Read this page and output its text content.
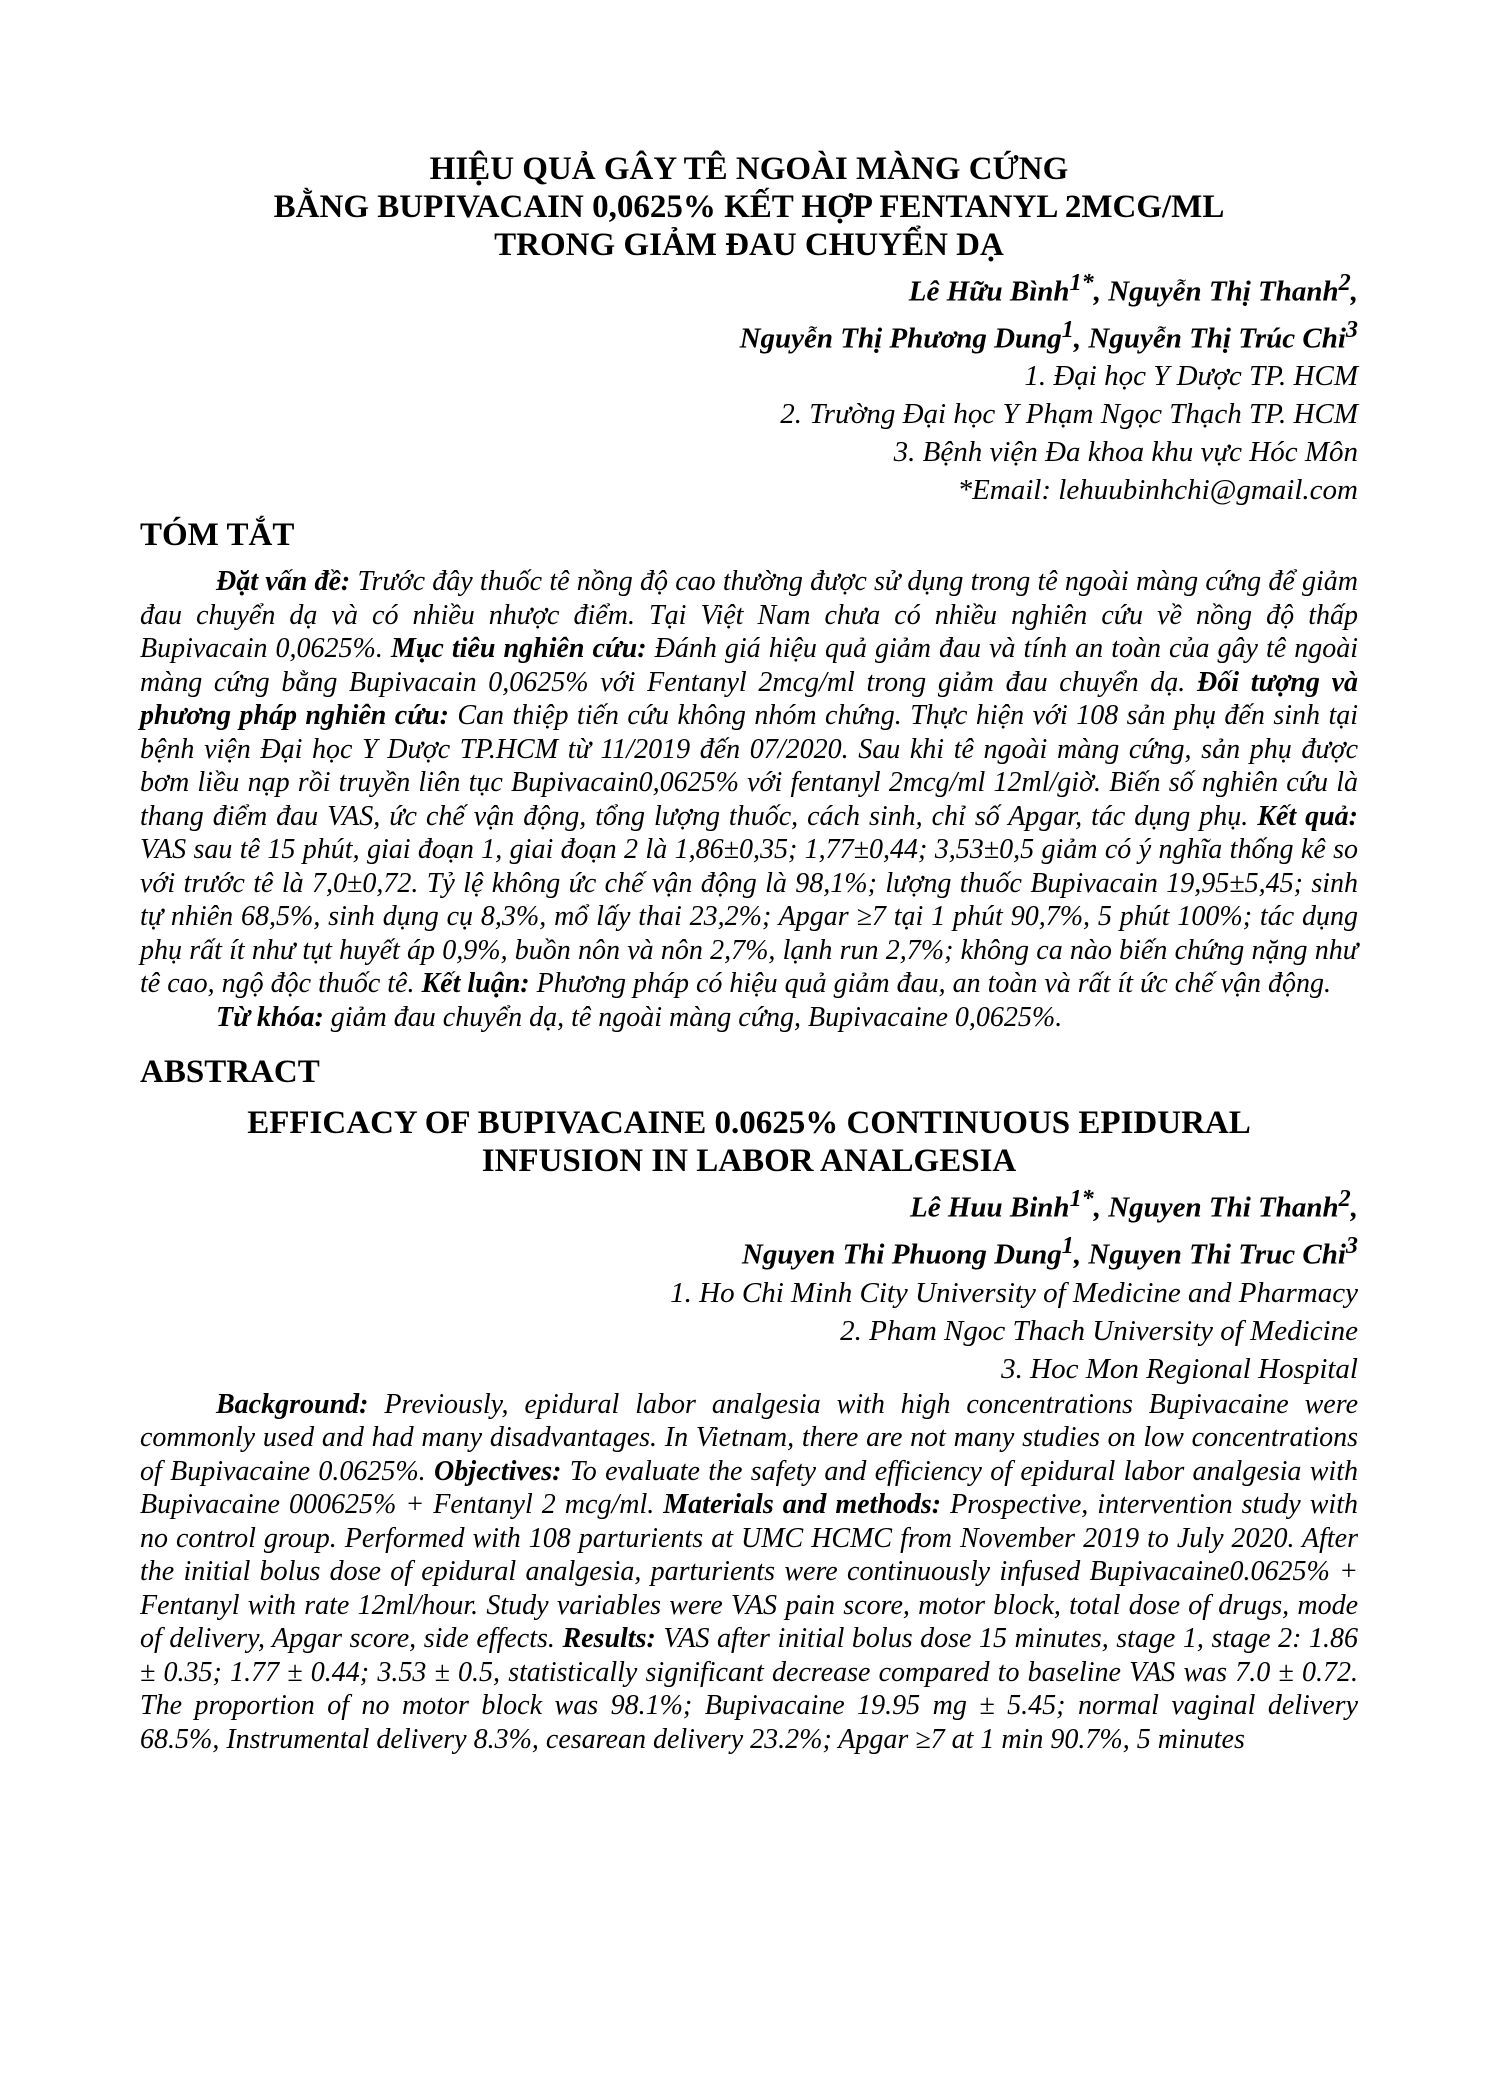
HIỆU QUẢ GÂY TÊ NGOÀI MÀNG CỨNG
BẰNG BUPIVACAIN 0,0625% KẾT HỢP FENTANYL 2MCG/ML
TRONG GIẢM ĐAU CHUYỂN DẠ

Lê Hữu Bình$^{1*}$, Nguyễn Thị Thanh$^2$,

Nguyễn Thị Phương Dung$^1$, Nguyễn Thị Trúc Chi$^3$

1. Đại học Y Dược TP. HCM

2. Trường Đại học Y Phạm Ngọc Thạch TP. HCM

3. Bệnh viện Đa khoa khu vực Hóc Môn

*Email: lehuubinhchi@gmail.com

TÓM TẮT

Đặt vấn đề: Trước đây thuốc tê nồng độ cao thường được sử dụng trong tê ngoài màng cứng để giảm đau chuyển dạ và có nhiều nhược điểm. Tại Việt Nam chưa có nhiều nghiên cứu về nồng độ thấp Bupivacain 0,0625%. Mục tiêu nghiên cứu: Đánh giá hiệu quả giảm đau và tính an toàn của gây tê ngoài màng cứng bằng Bupivacain 0,0625% với Fentanyl 2mcg/ml trong giảm đau chuyển dạ. Đối tượng và phương pháp nghiên cứu: Can thiệp tiến cứu không nhóm chứng. Thực hiện với 108 sản phụ đến sinh tại bệnh viện Đại học Y Dược TP.HCM từ 11/2019 đến 07/2020. Sau khi tê ngoài màng cứng, sản phụ được bơm liều nạp rồi truyền liên tục Bupivacain0,0625% với fentanyl 2mcg/ml 12ml/giờ. Biến số nghiên cứu là thang điểm đau VAS, ức chế vận động, tổng lượng thuốc, cách sinh, chỉ số Apgar, tác dụng phụ. Kết quả: VAS sau tê 15 phút, giai đoạn 1, giai đoạn 2 là 1,86±0,35; 1,77±0,44; 3,53±0,5 giảm có ý nghĩa thống kê so với trước tê là 7,0±0,72. Tỷ lệ không ức chế vận động là 98,1%; lượng thuốc Bupivacain 19,95±5,45; sinh tự nhiên 68,5%, sinh dụng cụ 8,3%, mổ lấy thai 23,2%; Apgar ≥7 tại 1 phút 90,7%, 5 phút 100%; tác dụng phụ rất ít như tụt huyết áp 0,9%, buồn nôn và nôn 2,7%, lạnh run 2,7%; không ca nào biến chứng nặng như tê cao, ngộ độc thuốc tê. Kết luận: Phương pháp có hiệu quả giảm đau, an toàn và rất ít ức chế vận động.

Từ khóa: giảm đau chuyển dạ, tê ngoài màng cứng, Bupivacaine 0,0625%.

ABSTRACT
EFFICACY OF BUPIVACAINE 0.0625% CONTINUOUS EPIDURAL
INFUSION IN LABOR ANALGESIA

Lê Huu Binh$^{1*}$, Nguyen Thi Thanh$^2$,

Nguyen Thi Phuong Dung$^1$, Nguyen Thi Truc Chi$^3$

1. Ho Chi Minh City University of Medicine and Pharmacy

2. Pham Ngoc Thach University of Medicine

3. Hoc Mon Regional Hospital

Background: Previously, epidural labor analgesia with high concentrations Bupivacaine were commonly used and had many disadvantages. In Vietnam, there are not many studies on low concentrations of Bupivacaine 0.0625%. Objectives: To evaluate the safety and efficiency of epidural labor analgesia with Bupivacaine 000625% + Fentanyl 2 mcg/ml. Materials and methods: Prospective, intervention study with no control group. Performed with 108 parturients at UMC HCMC from November 2019 to July 2020. After the initial bolus dose of epidural analgesia, parturients were continuously infused Bupivacaine0.0625% + Fentanyl with rate 12ml/hour. Study variables were VAS pain score, motor block, total dose of drugs, mode of delivery, Apgar score, side effects. Results: VAS after initial bolus dose 15 minutes, stage 1, stage 2: 1.86 ± 0.35; 1.77 ± 0.44; 3.53 ± 0.5, statistically significant decrease compared to baseline VAS was 7.0 ± 0.72. The proportion of no motor block was 98.1%; Bupivacaine 19.95 mg ± 5.45; normal vaginal delivery 68.5%, Instrumental delivery 8.3%, cesarean delivery 23.2%; Apgar ≥7 at 1 min 90.7%, 5 minutes
